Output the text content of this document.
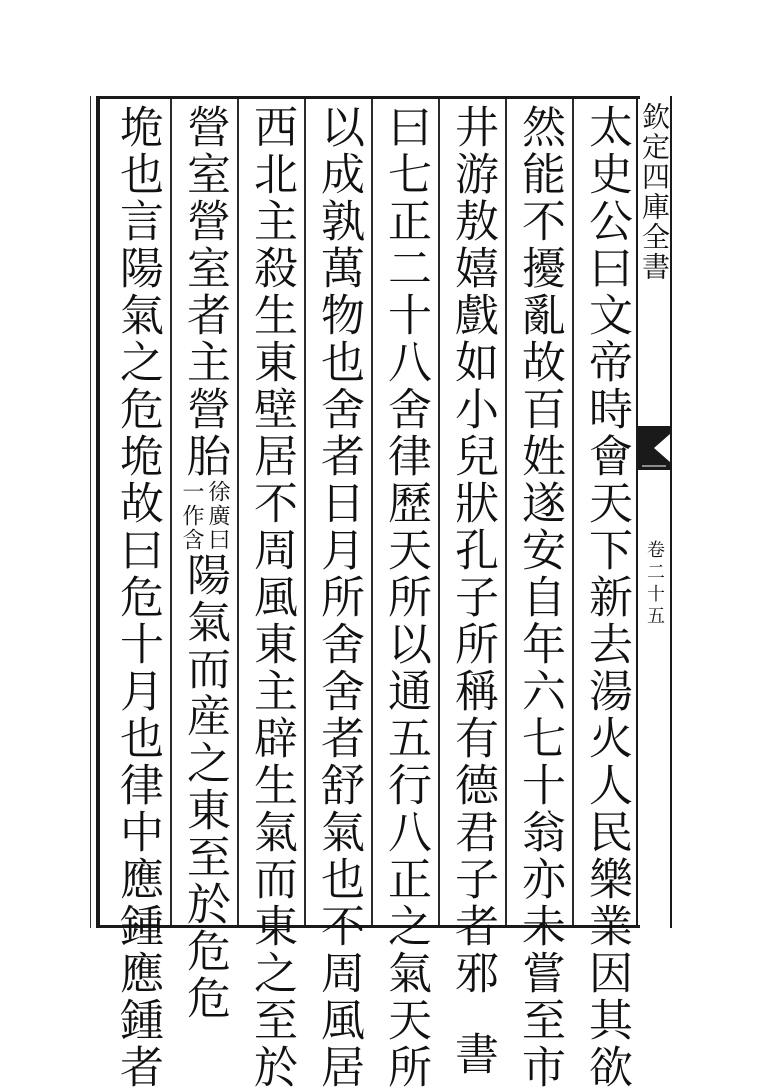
欽定四庫全書
卷二十五
太史公曰文帝時會天下新去湯火人民樂業因其欲
然能不擾亂故百姓遂安自年六七十翁亦未嘗至市
井游敖嬉戲如小兒狀孔子所稱有德君子者邪書
曰七正二十八舍律歷天所以通五行八正之氣天所
以成孰萬物也舍者日月所舍舍者舒氣也不周風居
西北主殺生東壁居不周風東主辟生氣而東之至於
營室營室者主營胎
徐廣曰
一作含
陽氣而産之東至於危危
垝也言陽氣之危垝故曰危十月也律中應鍾應鍾者
